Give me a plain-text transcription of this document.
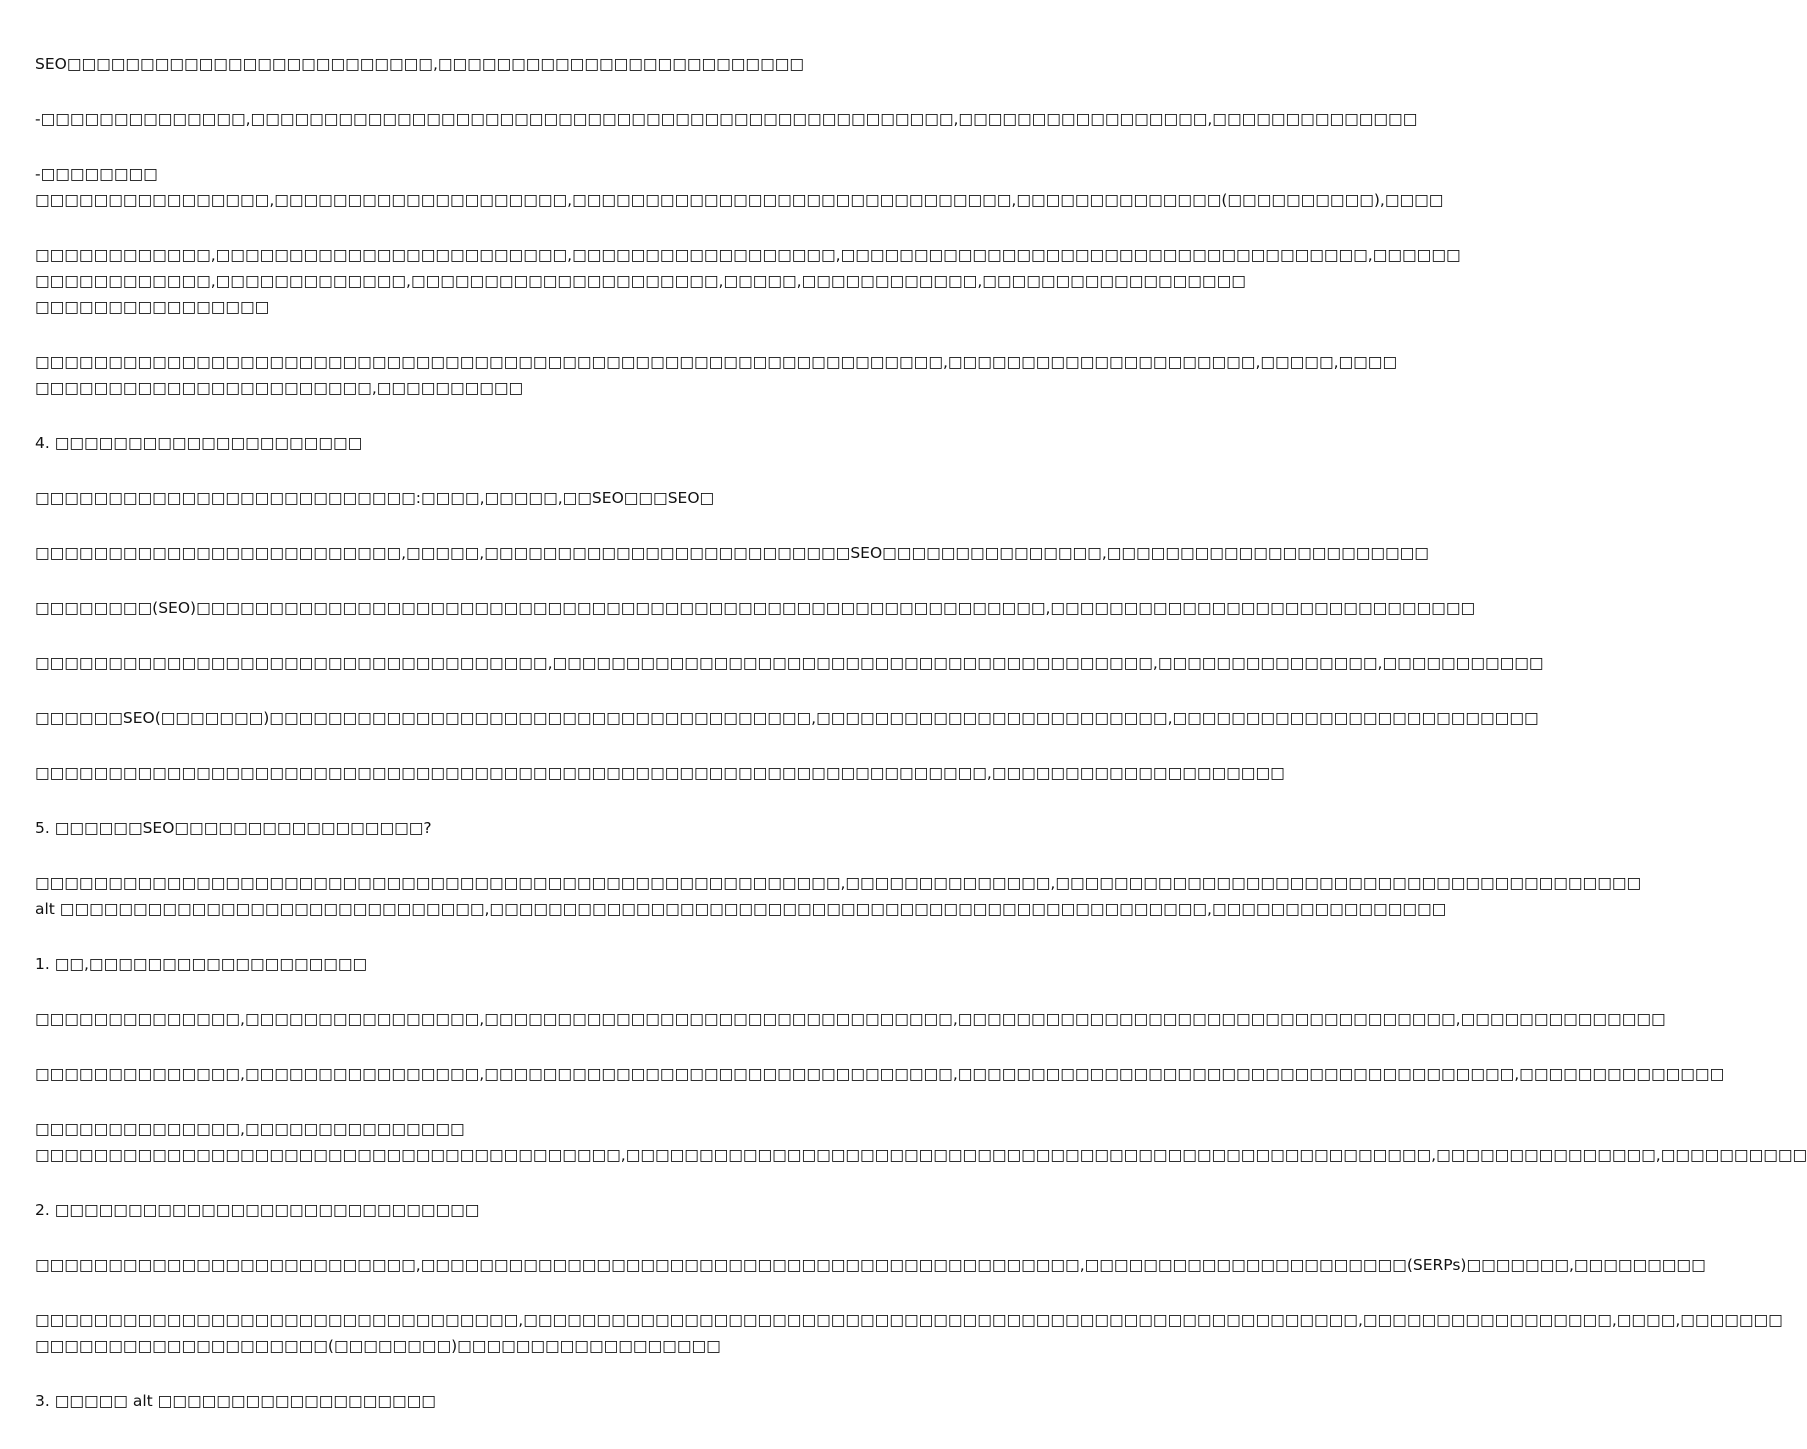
SEO□□□□□□□□□□□□□□□□□□□□□□□□□,□□□□□□□□□□□□□□□□□□□□□□□□□

-□□□□□□□□□□□□□□,□□□□□□□□□□□□□□□□□□□□□□□□□□□□□□□□□□□□□□□□□□□□□□□□,□□□□□□□□□□□□□□□□□,□□□□□□□□□□□□□□

-□□□□□□□□

□□□□□□□□□□□□□□□□,□□□□□□□□□□□□□□□□□□□□,□□□□□□□□□□□□□□□□□□□□□□□□□□□□□□,□□□□□□□□□□□□□□(□□□□□□□□□□),□□□□

□□□□□□□□□□□□,□□□□□□□□□□□□□□□□□□□□□□□□,□□□□□□□□□□□□□□□□□□,□□□□□□□□□□□□□□□□□□□□□□□□□□□□□□□□□□□□,□□□□□□

□□□□□□□□□□□□,□□□□□□□□□□□□□,□□□□□□□□□□□□□□□□□□□□□,□□□□□,□□□□□□□□□□□□,□□□□□□□□□□□□□□□□□□

□□□□□□□□□□□□□□□□

□□□□□□□□□□□□□□□□□□□□□□□□□□□□□□□□□□□□□□□□□□□□□□□□□□□□□□□□□□□□□□,□□□□□□□□□□□□□□□□□□□□□,□□□□□,□□□□

□□□□□□□□□□□□□□□□□□□□□□□,□□□□□□□□□□

4. □□□□□□□□□□□□□□□□□□□□□

□□□□□□□□□□□□□□□□□□□□□□□□□□:□□□□,□□□□□,□□SEO□□□SEO□

□□□□□□□□□□□□□□□□□□□□□□□□□,□□□□□,□□□□□□□□□□□□□□□□□□□□□□□□□SEO□□□□□□□□□□□□□□□,□□□□□□□□□□□□□□□□□□□□□□

□□□□□□□□(SEO)□□□□□□□□□□□□□□□□□□□□□□□□□□□□□□□□□□□□□□□□□□□□□□□□□□□□□□□□□□,□□□□□□□□□□□□□□□□□□□□□□□□□□□□□

□□□□□□□□□□□□□□□□□□□□□□□□□□□□□□□□□□□,□□□□□□□□□□□□□□□□□□□□□□□□□□□□□□□□□□□□□□□□□,□□□□□□□□□□□□□□□,□□□□□□□□□□□

□□□□□□SEO(□□□□□□□)□□□□□□□□□□□□□□□□□□□□□□□□□□□□□□□□□□□□□,□□□□□□□□□□□□□□□□□□□□□□□□,□□□□□□□□□□□□□□□□□□□□□□□□□

□□□□□□□□□□□□□□□□□□□□□□□□□□□□□□□□□□□□□□□□□□□□□□□□□□□□□□□□□□□□□□□□□,□□□□□□□□□□□□□□□□□□□□

5. □□□□□□SEO□□□□□□□□□□□□□□□□□?

□□□□□□□□□□□□□□□□□□□□□□□□□□□□□□□□□□□□□□□□□□□□□□□□□□□□□□□,□□□□□□□□□□□□□□,□□□□□□□□□□□□□□□□□□□□□□□□□□□□□□□□□□□□□□□□

alt □□□□□□□□□□□□□□□□□□□□□□□□□□□□□,□□□□□□□□□□□□□□□□□□□□□□□□□□□□□□□□□□□□□□□□□□□□□□□□□,□□□□□□□□□□□□□□□□

1. □□,□□□□□□□□□□□□□□□□□□□

□□□□□□□□□□□□□□,□□□□□□□□□□□□□□□□,□□□□□□□□□□□□□□□□□□□□□□□□□□□□□□□□,□□□□□□□□□□□□□□□□□□□□□□□□□□□□□□□□□□,□□□□□□□□□□□□□□

□□□□□□□□□□□□□□,□□□□□□□□□□□□□□□□,□□□□□□□□□□□□□□□□□□□□□□□□□□□□□□□□,□□□□□□□□□□□□□□□□□□□□□□□□□□□□□□□□□□□□□□,□□□□□□□□□□□□□□

□□□□□□□□□□□□□□,□□□□□□□□□□□□□□□

□□□□□□□□□□□□□□□□□□□□□□□□□□□□□□□□□□□□□□□□,□□□□□□□□□□□□□□□□□□□□□□□□□□□□□□□□□□□□□□□□□□□□□□□□□□□□□□□,□□□□□□□□□□□□□□□,□□□□□□□□□□

2. □□□□□□□□□□□□□□□□□□□□□□□□□□□□□

□□□□□□□□□□□□□□□□□□□□□□□□□□,□□□□□□□□□□□□□□□□□□□□□□□□□□□□□□□□□□□□□□□□□□□□□,□□□□□□□□□□□□□□□□□□□□□□(SERPs)□□□□□□□,□□□□□□□□□

□□□□□□□□□□□□□□□□□□□□□□□□□□□□□□□□□,□□□□□□□□□□□□□□□□□□□□□□□□□□□□□□□□□□□□□□□□□□□□□□□□□□□□□□□□□,□□□□□□□□□□□□□□□□□,□□□□,□□□□□□□

□□□□□□□□□□□□□□□□□□□□(□□□□□□□□)□□□□□□□□□□□□□□□□□□

3. □□□□□ alt □□□□□□□□□□□□□□□□□□□
